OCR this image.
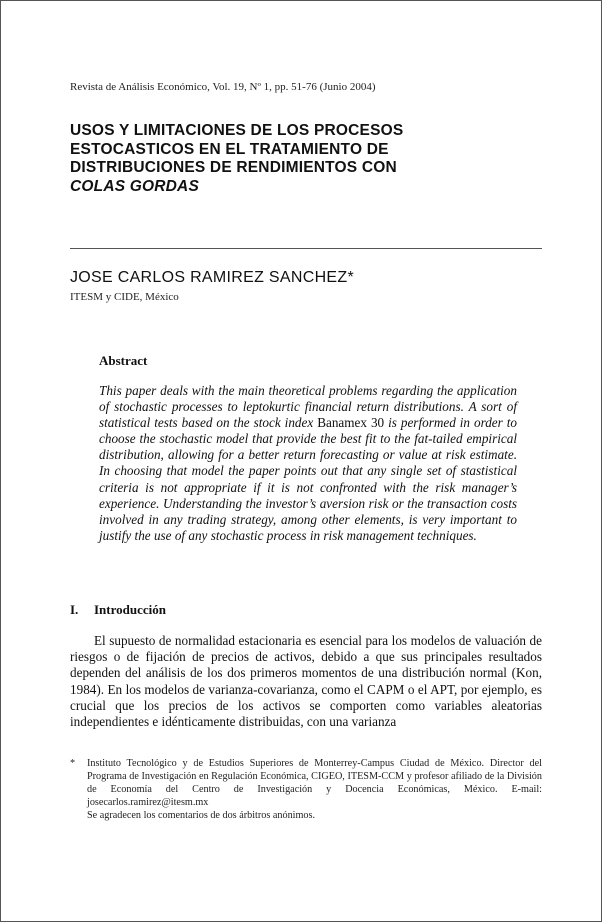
Revista de Análisis Económico, Vol. 19, Nº 1, pp. 51-76 (Junio 2004)
USOS Y LIMITACIONES DE LOS PROCESOS
ESTOCASTICOS EN EL TRATAMIENTO DE
DISTRIBUCIONES DE RENDIMIENTOS CON
COLAS GORDAS
JOSE CARLOS RAMIREZ SANCHEZ*
ITESM y CIDE, México
Abstract
This paper deals with the main theoretical problems regarding the application of stochastic processes to leptokurtic financial return distributions. A sort of statistical tests based on the stock index Banamex 30 is performed in order to choose the stochastic model that provide the best fit to the fat-tailed empirical distribution, allowing for a better return forecasting or value at risk estimate. In choosing that model the paper points out that any single set of stastistical criteria is not appropriate if it is not confronted with the risk manager’s experience. Understanding the investor’s aversion risk or the transaction costs involved in any trading strategy, among other elements, is very important to justify the use of any stochastic process in risk management techniques.
I. Introducción
El supuesto de normalidad estacionaria es esencial para los modelos de valuación de riesgos o de fijación de precios de activos, debido a que sus principales resultados dependen del análisis de los dos primeros momentos de una distribución normal (Kon, 1984). En los modelos de varianza-covarianza, como el CAPM o el APT, por ejemplo, es crucial que los precios de los activos se comporten como variables aleatorias independientes e idénticamente distribuidas, con una varianza
* Instituto Tecnológico y de Estudios Superiores de Monterrey-Campus Ciudad de México. Director del Programa de Investigación en Regulación Económica, CIGEO, ITESM-CCM y profesor afiliado de la División de Economía del Centro de Investigación y Docencia Económicas, México. E-mail: josecarlos.ramirez@itesm.mx
Se agradecen los comentarios de dos árbitros anónimos.
